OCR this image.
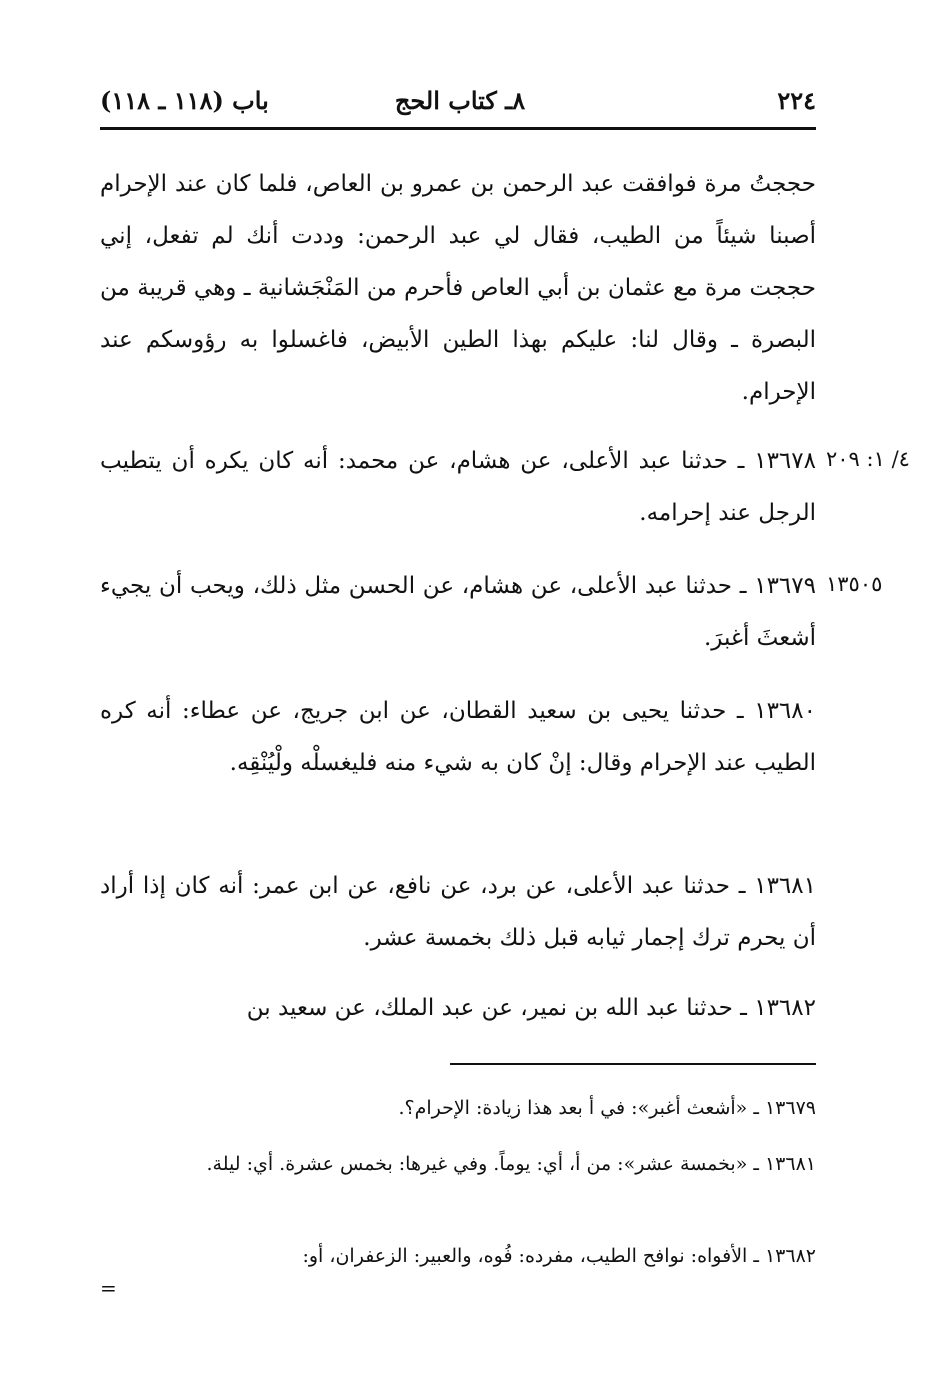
٢٢٤
٨ـ كتاب الحج
باب (١١٨ ـ ١١٨)
حججتُ مرة فوافقت عبد الرحمن بن عمرو بن العاص، فلما كان عند الإحرام أصبنا شيئاً من الطيب، فقال لي عبد الرحمن: وددت أنك لم تفعل، إني حججت مرة مع عثمان بن أبي العاص فأحرم من المَنْجَشانية ـ وهي قريبة من البصرة ـ وقال لنا: عليكم بهذا الطين الأبيض، فاغسلوا به رؤوسكم عند الإحرام.
٤/ ١: ٢٠٩
١٣٦٧٨ ـ حدثنا عبد الأعلى، عن هشام، عن محمد: أنه كان يكره أن يتطيب الرجل عند إحرامه.
١٣٥٠٥
١٣٦٧٩ ـ حدثنا عبد الأعلى، عن هشام، عن الحسن مثل ذلك، ويحب أن يجيء أشعثَ أغبرَ.
١٣٦٨٠ ـ حدثنا يحيى بن سعيد القطان، عن ابن جريج، عن عطاء: أنه كره الطيب عند الإحرام وقال: إنْ كان به شيء منه فليغسلْه ولْيُنْقِه.
١٣٦٨١ ـ حدثنا عبد الأعلى، عن برد، عن نافع، عن ابن عمر: أنه كان إذا أراد أن يحرم ترك إجمار ثيابه قبل ذلك بخمسة عشر.
١٣٦٨٢ ـ حدثنا عبد الله بن نمير، عن عبد الملك، عن سعيد بن
١٣٦٧٩ ـ «أشعث أغبر»: في أ بعد هذا زيادة: الإحرام؟.
١٣٦٨١ ـ «بخمسة عشر»: من أ، أي: يوماً. وفي غيرها: بخمس عشرة. أي: ليلة.
١٣٦٨٢ ـ الأفواه: نوافح الطيب، مفرده: فُوه، والعبير: الزعفران، أو:
=
